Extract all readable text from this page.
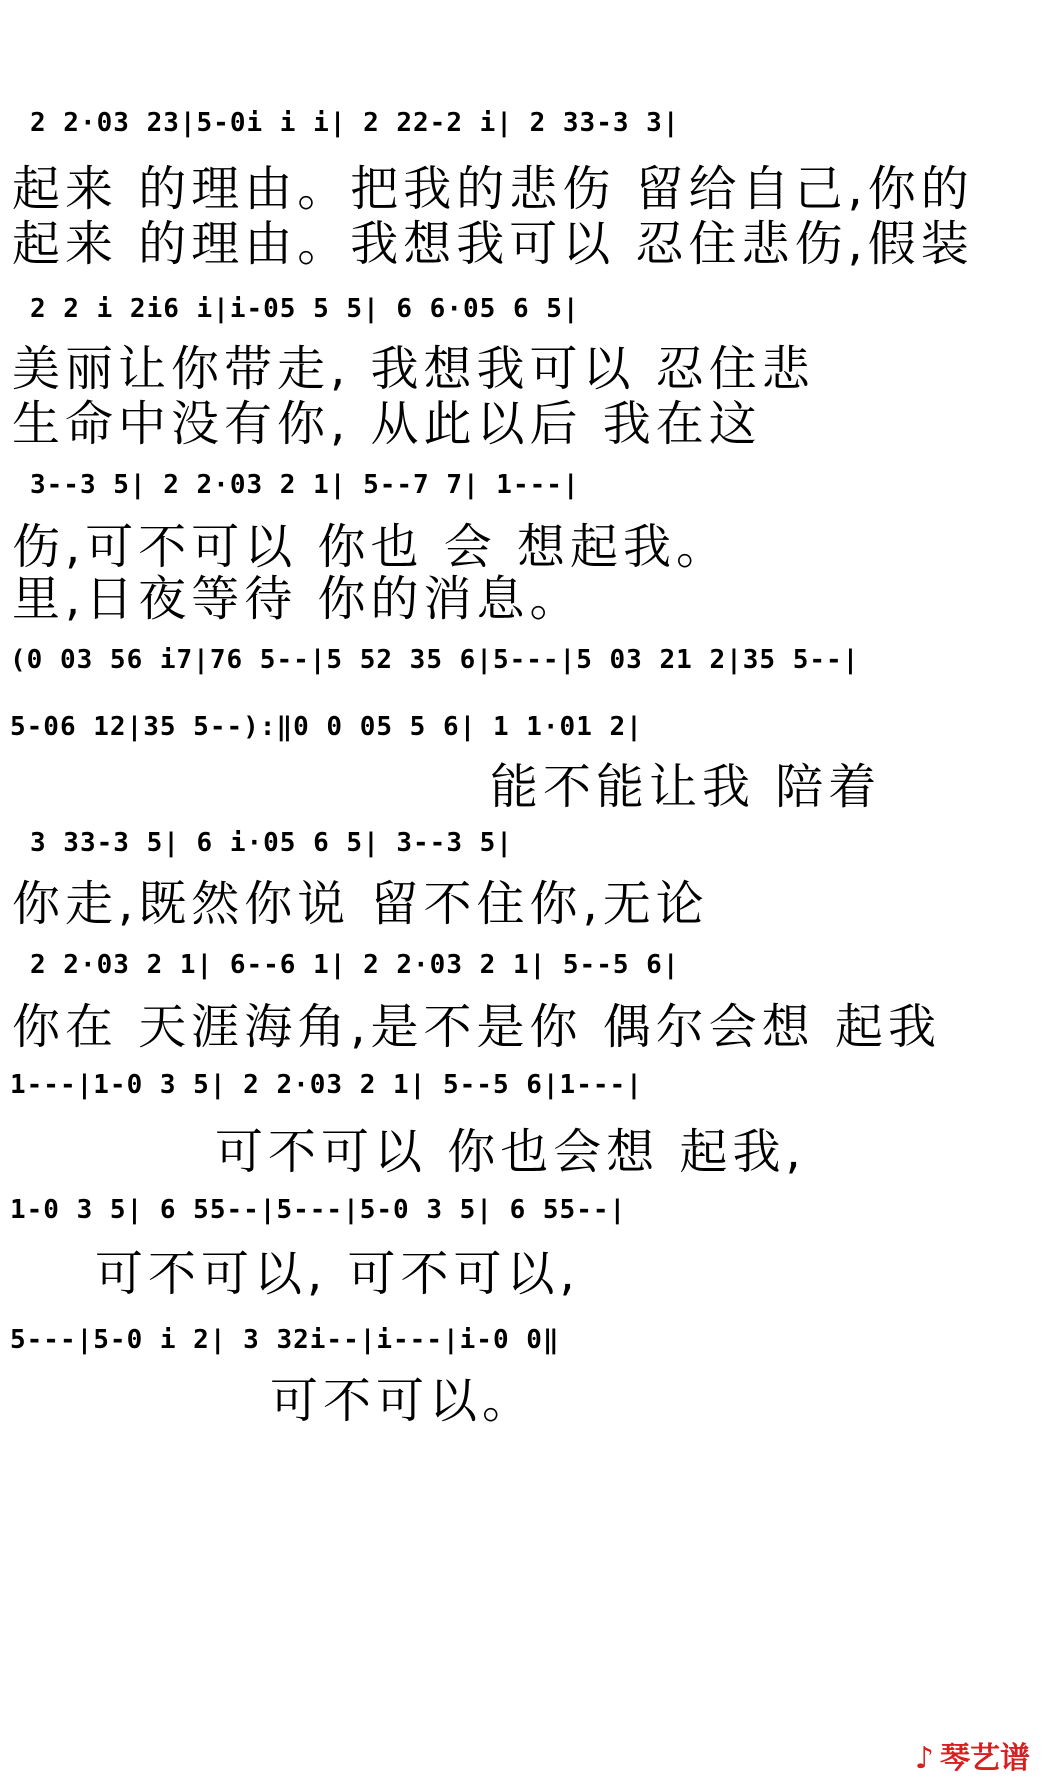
2 2·03 23|5-0i i i| 2 22-2 i| 2 33-3 3|
起来 的理由。把我的悲伤 留给自己,你的
起来 的理由。我想我可以 忍住悲伤,假装
2 2 i 2i6 i|i-05 5 5| 6 6·05 6 5|
美丽让你带走, 我想我可以 忍住悲
生命中没有你, 从此以后 我在这
3--3 5| 2 2·03 2 1| 5--7 7| 1---|
伤,可不可以 你也 会 想起我。
里,日夜等待 你的消息。
(0 03 56 i7|76 5--|5 52 35 6|5---|5 03 21 2|35 5--|
5-06 12|35 5--):‖0 0 05 5 6| 1 1·01 2|
能不能让我 陪着
3 33-3 5| 6 i·05 6 5| 3--3 5|
你走,既然你说 留不住你,无论
2 2·03 2 1| 6--6 1| 2 2·03 2 1| 5--5 6|
你在 天涯海角,是不是你 偶尔会想 起我
1---|1-0 3 5| 2 2·03 2 1| 5--5 6|1---|
可不可以 你也会想 起我,
1-0 3 5| 6 55--|5---|5-0 3 5| 6 55--|
可不可以, 可不可以,
5---|5-0 i 2| 3 32i--|i---|i-0 0‖
可不可以。
♪ 琴艺谱
